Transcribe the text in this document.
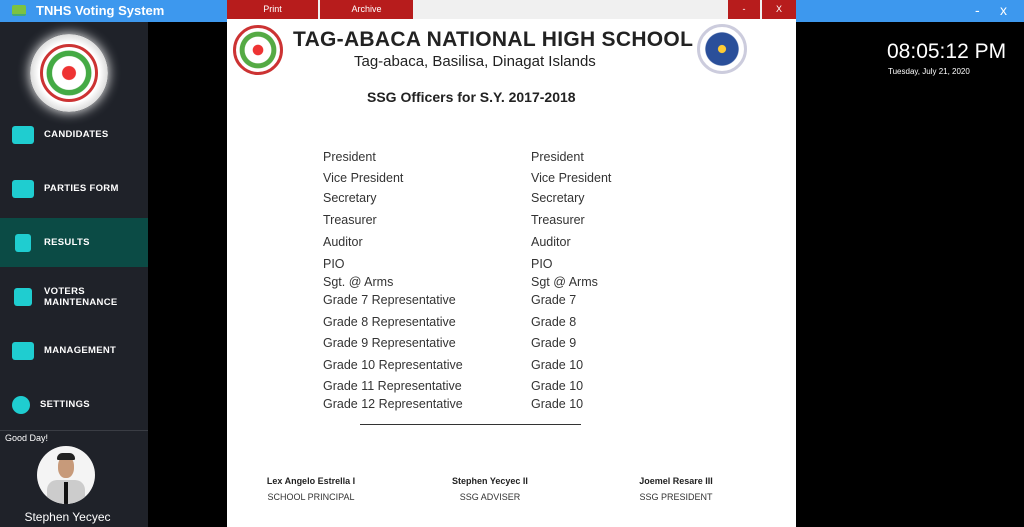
TNHS Voting System	- x
CANDIDATES
PARTIES FORM
RESULTS
VOTERS
MAINTENANCE
MANAGEMENT
SETTINGS
Good Day!
Stephen Yecyec
08:05:12 PM
Tuesday, July 21, 2020
Print	Archive	-	X
TAG-ABACA NATIONAL HIGH SCHOOL
Tag-abaca, Basilisa, Dinagat Islands
SSG Officers for S.Y. 2017-2018
President	President
Vice President	Vice President
Secretary	Secretary
Treasurer	Treasurer
Auditor	Auditor
PIO	PIO
Sgt. @ Arms	Sgt @ Arms
Grade 7 Representative	Grade 7
Grade 8 Representative	Grade 8
Grade 9 Representative	Grade 9
Grade 10 Representative	Grade 10
Grade 11 Representative	Grade 10
Grade 12 Representative	Grade 10
Lex Angelo Estrella I
SCHOOL PRINCIPAL
Stephen Yecyec II
SSG ADVISER
Joemel Resare III
SSG PRESIDENT
